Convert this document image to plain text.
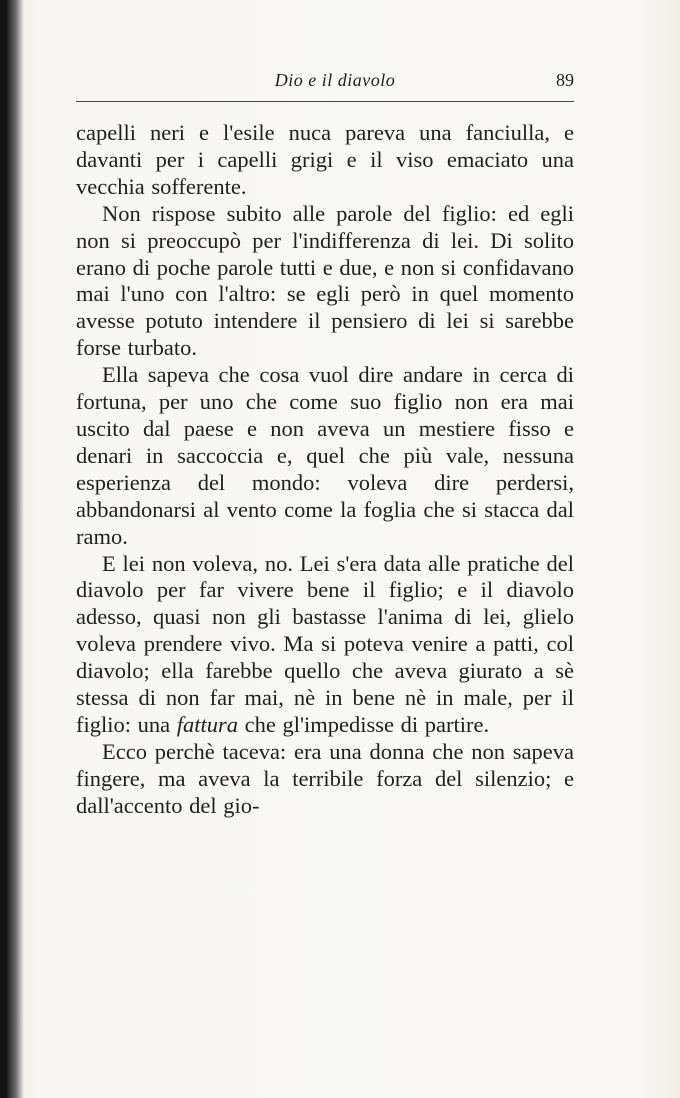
Dio e il diavolo	89

capelli neri e l'esile nuca pareva una fanciulla, e davanti per i capelli grigi e il viso emaciato una vecchia sofferente.

Non rispose subito alle parole del figlio: ed egli non si preoccupò per l'indifferenza di lei. Di solito erano di poche parole tutti e due, e non si confidavano mai l'uno con l'altro: se egli però in quel momento avesse potuto intendere il pensiero di lei si sarebbe forse turbato.

Ella sapeva che cosa vuol dire andare in cerca di fortuna, per uno che come suo figlio non era mai uscito dal paese e non aveva un mestiere fisso e denari in saccoccia e, quel che più vale, nessuna esperienza del mondo: voleva dire perdersi, abbandonarsi al vento come la foglia che si stacca dal ramo.

E lei non voleva, no. Lei s'era data alle pratiche del diavolo per far vivere bene il figlio; e il diavolo adesso, quasi non gli bastasse l'anima di lei, glielo voleva prendere vivo. Ma si poteva venire a patti, col diavolo; ella farebbe quello che aveva giurato a sè stessa di non far mai, nè in bene nè in male, per il figlio: una fattura che gl'impedisse di partire.

Ecco perchè taceva: era una donna che non sapeva fingere, ma aveva la terribile forza del silenzio; e dall'accento del gio-
